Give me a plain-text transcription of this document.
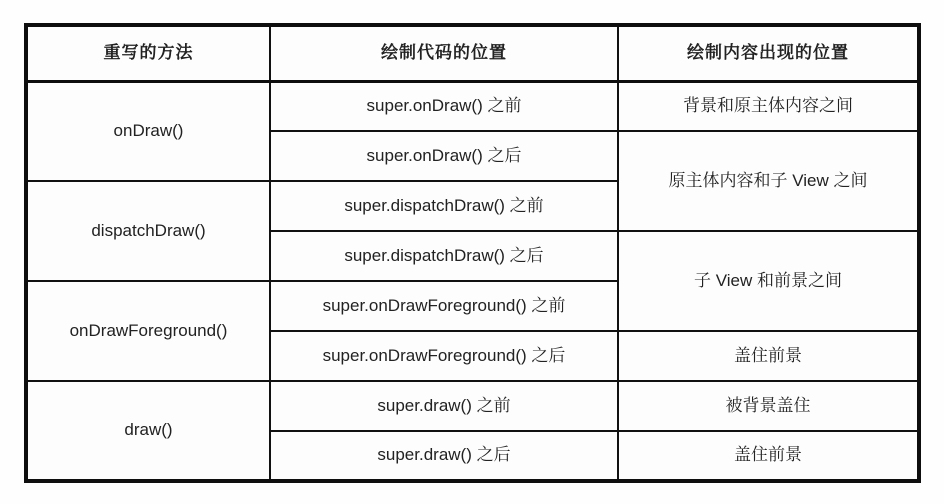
重写的方法	绘制代码的位置	绘制内容出现的位置
onDraw()	super.onDraw() 之前	背景和原主体内容之间
	super.onDraw() 之后	原主体内容和子 View 之间
dispatchDraw()	super.dispatchDraw() 之前	
	super.dispatchDraw() 之后	子 View 和前景之间
onDrawForeground()	super.onDrawForeground() 之前	
	super.onDrawForeground() 之后	盖住前景
draw()	super.draw() 之前	被背景盖住
	super.draw() 之后	盖住前景
